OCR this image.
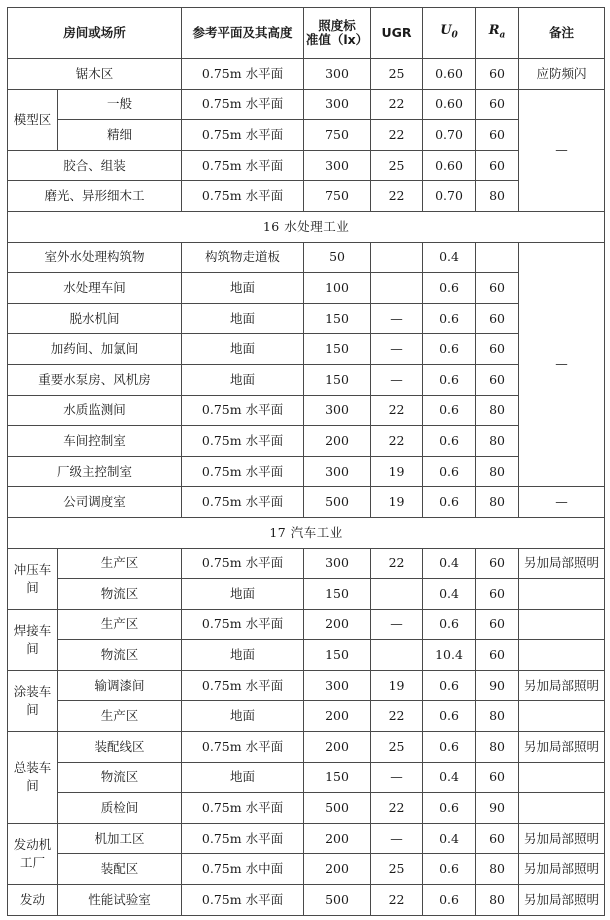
房间或场所		参考平面及其高度	照度标
准值（lx）	UGR	$U_0$	$R_a$	备注
锯木区		0.75m 水平面	300	25	0.60	60	应防频闪
模型区	一般	0.75m 水平面	300	22	0.60	60	—
	精细	0.75m 水平面	750	22	0.70	60	
胶合、组装		0.75m 水平面	300	25	0.60	60	
磨光、异形细木工		0.75m 水平面	750	22	0.70	80	
16 水处理工业							
室外水处理构筑物		构筑物走道板	50		0.4		—
水处理车间		地面	100		0.6	60	
脱水机间		地面	150	—	0.6	60	
加药间、加氯间		地面	150	—	0.6	60	
重要水泵房、风机房		地面	150	—	0.6	60	
水质监测间		0.75m 水平面	300	22	0.6	80	
车间控制室		0.75m 水平面	200	22	0.6	80	
厂级主控制室		0.75m 水平面	300	19	0.6	80	
公司调度室		0.75m 水平面	500	19	0.6	80	—
17 汽车工业							
冲压车间	生产区	0.75m 水平面	300	22	0.4	60	另加局部照明
	物流区	地面	150		0.4	60	
焊接车间	生产区	0.75m 水平面	200	—	0.6	60	
	物流区	地面	150		10.4	60	
涂装车间	输调漆间	0.75m 水平面	300	19	0.6	90	另加局部照明
	生产区	地面	200	22	0.6	80	
总装车间	装配线区	0.75m 水平面	200	25	0.6	80	另加局部照明
	物流区	地面	150	—	0.4	60	
	质检间	0.75m 水平面	500	22	0.6	90	
发动机工厂	机加工区	0.75m 水平面	200	—	0.4	60	另加局部照明
	装配区	0.75m 水中面	200	25	0.6	80	另加局部照明
发动	性能试验室	0.75m 水平面	500	22	0.6	80	另加局部照明
